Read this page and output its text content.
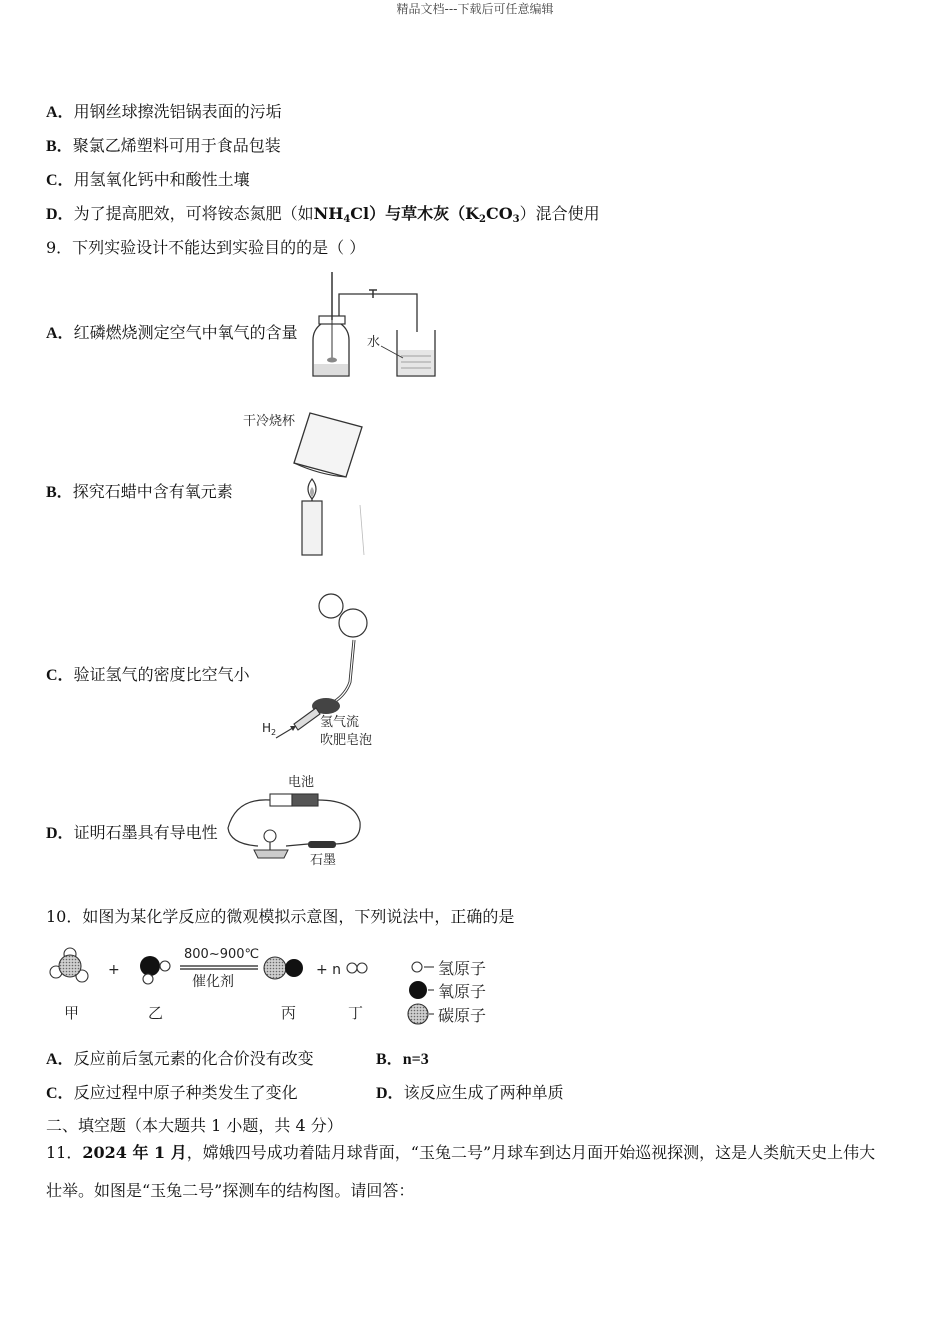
精品文档---下载后可任意编辑
A．用钢丝球擦洗铝锅表面的污垢
B．聚氯乙烯塑料可用于食品包装
C．用氢氧化钙中和酸性土壤
D．为了提高肥效，可将铵态氮肥（如$NH_4Cl$）与草木灰$(K_2CO_3)$混合使用
9．下列实验设计不能达到实验目的的是（ ）
A．红磷燃烧测定空气中氧气的含量
水
B．探究石蜡中含有氧元素
干冷烧杯
C．验证氢气的密度比空气小
$H_2$
氢气流
吹肥皂泡
D．证明石墨具有导电性
电池
石墨
10．如图为某化学反应的微观模拟示意图，下列说法中，正确的是
+
800~900℃
催化剂
+ n
甲	乙	丙	丁
氢原子
氧原子
碳原子
A．反应前后氢元素的化合价没有改变	B．n=3
C．反应过程中原子种类发生了变化	D．该反应生成了两种单质
二、填空题（本大题共 1 小题，共 4 分）
11．2024 年 1 月，嫦娥四号成功着陆月球背面，“玉兔二号”月球车到达月面开始巡视探测，这是人类航天史上伟大
壮举。如图是“玉兔二号”探测车的结构图。请回答：
